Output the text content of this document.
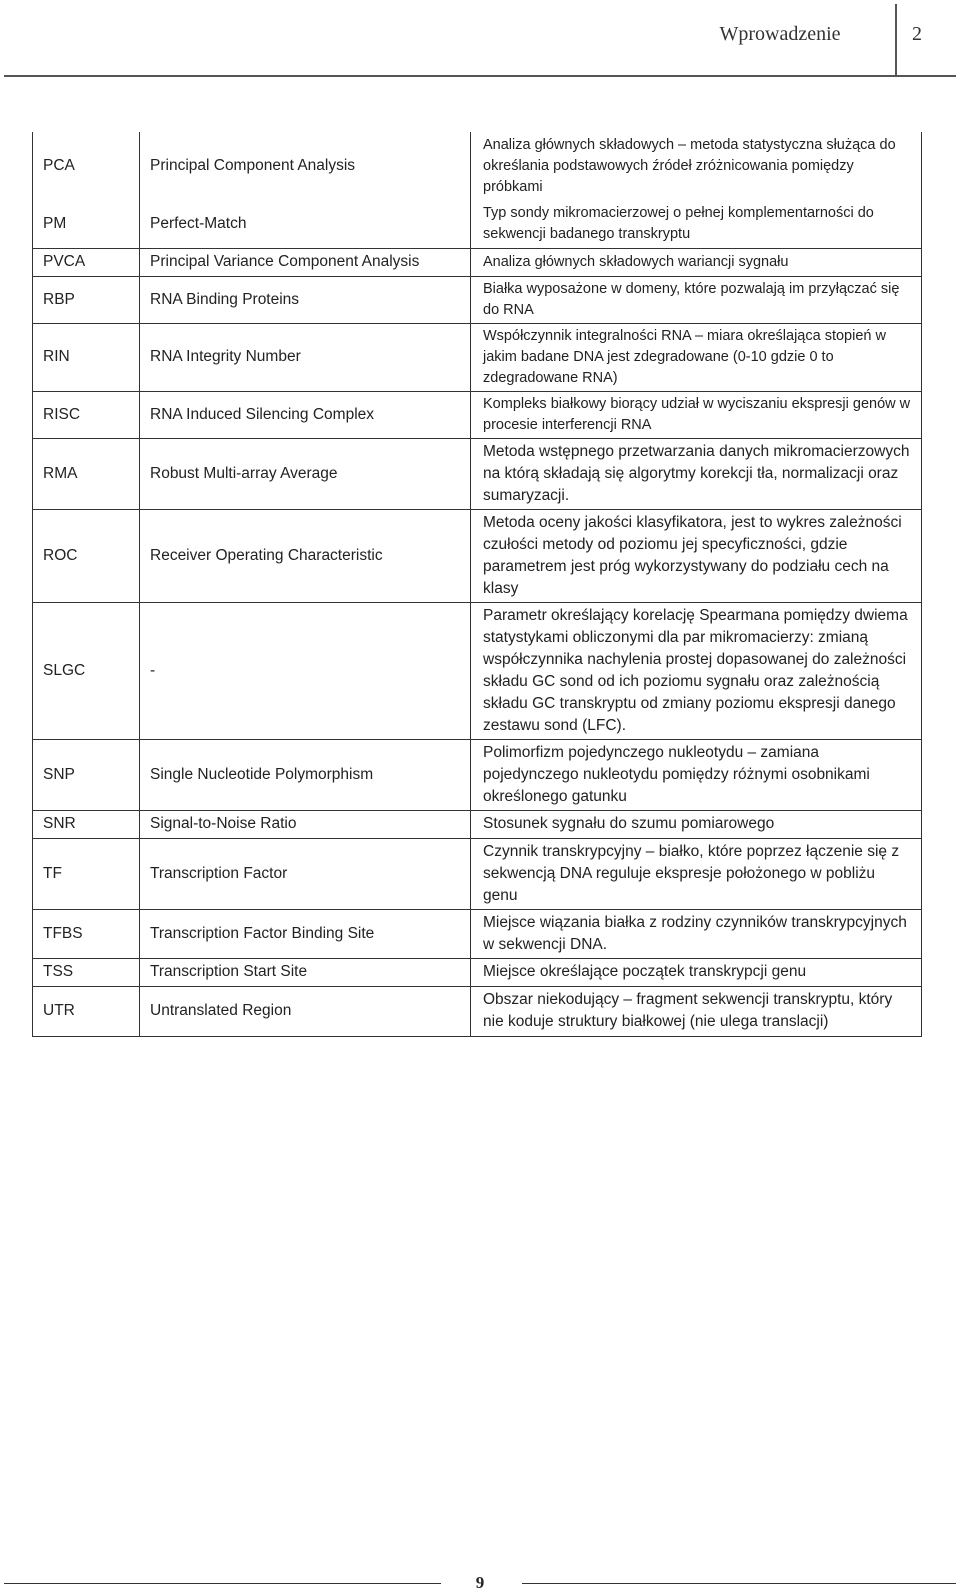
Wprowadzenie	2
PCA	Principal Component Analysis	Analiza głównych składowych – metoda statystyczna służąca do określania podstawowych źródeł zróżnicowania pomiędzy próbkami
PM	Perfect-Match	Typ sondy mikromacierzowej o pełnej komplementarności do sekwencji badanego transkryptu
PVCA	Principal Variance Component Analysis	Analiza głównych składowych wariancji sygnału
RBP	RNA Binding Proteins	Białka wyposażone w domeny, które pozwalają im przyłączać się do RNA
RIN	RNA Integrity Number	Współczynnik integralności RNA – miara określająca stopień w jakim badane DNA jest zdegradowane (0-10 gdzie 0 to zdegradowane RNA)
RISC	RNA Induced Silencing Complex	Kompleks białkowy biorący udział w wyciszaniu ekspresji genów w procesie interferencji RNA
RMA	Robust Multi-array Average	Metoda wstępnego przetwarzania danych mikromacierzowych na którą składają się algorytmy korekcji tła, normalizacji oraz sumaryzacji.
ROC	Receiver Operating Characteristic	Metoda oceny jakości klasyfikatora, jest to wykres zależności czułości metody od poziomu jej specyficzności, gdzie parametrem jest próg wykorzystywany do podziału cech na klasy
SLGC	-	Parametr określający korelację Spearmana pomiędzy dwiema statystykami obliczonymi dla par mikromacierzy: zmianą współczynnika nachylenia prostej dopasowanej do zależności składu GC sond od ich poziomu sygnału oraz zależnością składu GC transkryptu od zmiany poziomu ekspresji danego zestawu sond (LFC).
SNP	Single Nucleotide Polymorphism	Polimorfizm pojedynczego nukleotydu – zamiana pojedynczego nukleotydu pomiędzy różnymi osobnikami określonego gatunku
SNR	Signal-to-Noise Ratio	Stosunek sygnału do szumu pomiarowego
TF	Transcription Factor	Czynnik transkrypcyjny – białko, które poprzez łączenie się z sekwencją DNA reguluje ekspresje położonego w pobliżu genu
TFBS	Transcription Factor Binding Site	Miejsce wiązania białka z rodziny czynników transkrypcyjnych w sekwencji DNA.
TSS	Transcription Start Site	Miejsce określające początek transkrypcji genu
UTR	Untranslated Region	Obszar niekodujący – fragment sekwencji transkryptu, który nie koduje struktury białkowej (nie ulega translacji)
9
